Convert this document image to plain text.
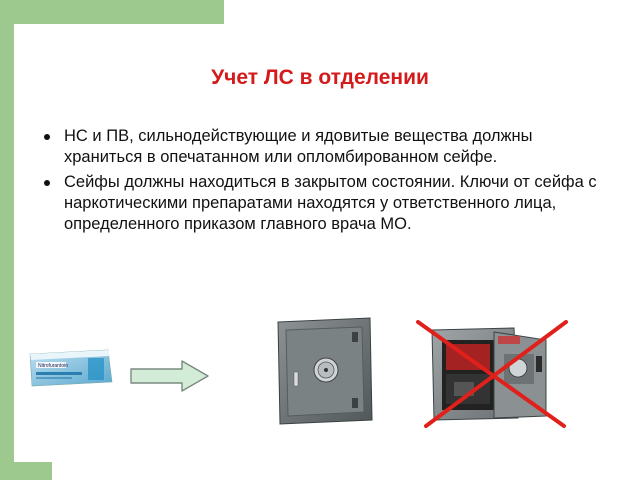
Учет ЛС в отделении
НС и ПВ, сильнодействующие и ядовитые вещества должны храниться в опечатанном или опломбированном сейфе.
Сейфы должны находиться в закрытом состоянии. Ключи от сейфа с наркотическими препаратами находятся у ответственного лица, определенного приказом главного врача МО.
Nitrofurantoin
